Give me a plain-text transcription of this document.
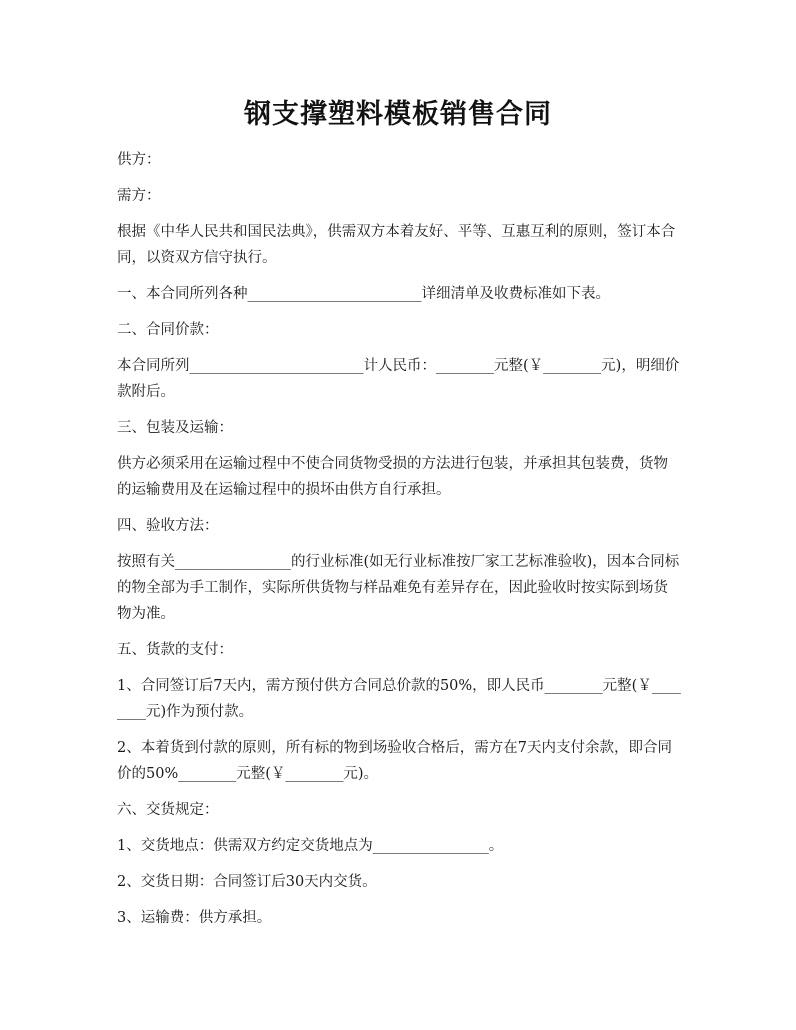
钢支撑塑料模板销售合同

供方：

需方：

根据《中华人民共和国民法典》，供需双方本着友好、平等、互惠互利的原则，签订本合同，以资双方信守执行。

一、本合同所列各种________________________详细清单及收费标准如下表。

二、合同价款：

本合同所列________________________计人民币：________元整(￥________元)，明细价款附后。

三、包装及运输：

供方必须采用在运输过程中不使合同货物受损的方法进行包装，并承担其包装费，货物的运输费用及在运输过程中的损坏由供方自行承担。

四、验收方法：

按照有关________________的行业标准(如无行业标准按厂家工艺标准验收)，因本合同标的物全部为手工制作，实际所供货物与样品难免有差异存在，因此验收时按实际到场货物为准。

五、货款的支付：

1、合同签订后7天内，需方预付供方合同总价款的50%，即人民币________元整(￥________元)作为预付款。

2、本着货到付款的原则，所有标的物到场验收合格后，需方在7天内支付余款，即合同价的50%________元整(￥________元)。

六、交货规定：

1、交货地点：供需双方约定交货地点为________________。

2、交货日期：合同签订后30天内交货。

3、运输费：供方承担。
